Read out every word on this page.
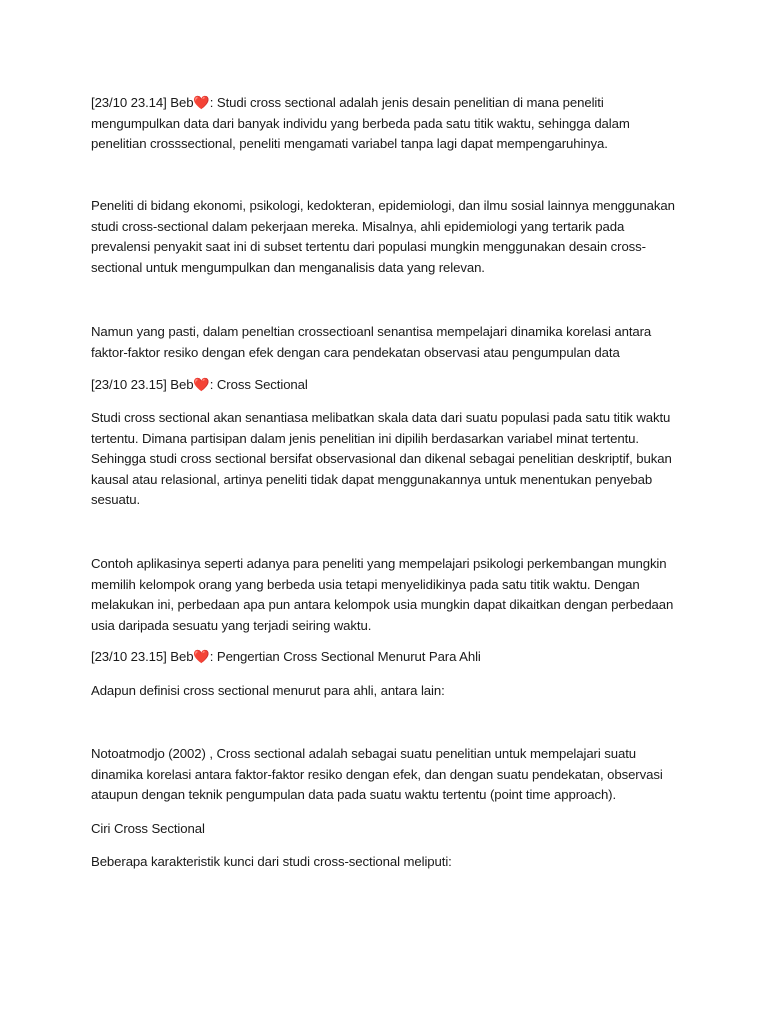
[23/10 23.14] Beb❤️: Studi cross sectional adalah jenis desain penelitian di mana peneliti mengumpulkan data dari banyak individu yang berbeda pada satu titik waktu, sehingga dalam penelitian crosssectional, peneliti mengamati variabel tanpa lagi dapat mempengaruhinya.

Peneliti di bidang ekonomi, psikologi, kedokteran, epidemiologi, dan ilmu sosial lainnya menggunakan studi cross-sectional dalam pekerjaan mereka. Misalnya, ahli epidemiologi yang tertarik pada prevalensi penyakit saat ini di subset tertentu dari populasi mungkin menggunakan desain cross-sectional untuk mengumpulkan dan menganalisis data yang relevan.

Namun yang pasti, dalam peneltian crossectioanl senantisa mempelajari dinamika korelasi antara faktor-faktor resiko dengan efek dengan cara pendekatan observasi atau pengumpulan data

[23/10 23.15] Beb❤️: Cross Sectional

Studi cross sectional akan senantiasa melibatkan skala data dari suatu populasi pada satu titik waktu tertentu. Dimana partisipan dalam jenis penelitian ini dipilih berdasarkan variabel minat tertentu. Sehingga studi cross sectional bersifat observasional dan dikenal sebagai penelitian deskriptif, bukan kausal atau relasional, artinya peneliti tidak dapat menggunakannya untuk menentukan penyebab sesuatu.

Contoh aplikasinya seperti adanya para peneliti yang mempelajari psikologi perkembangan mungkin memilih kelompok orang yang berbeda usia tetapi menyelidikinya pada satu titik waktu. Dengan melakukan ini, perbedaan apa pun antara kelompok usia mungkin dapat dikaitkan dengan perbedaan usia daripada sesuatu yang terjadi seiring waktu.

[23/10 23.15] Beb❤️: Pengertian Cross Sectional Menurut Para Ahli

Adapun definisi cross sectional menurut para ahli, antara lain:

Notoatmodjo (2002) , Cross sectional adalah sebagai suatu penelitian untuk mempelajari suatu dinamika korelasi antara faktor-faktor resiko dengan efek, dan dengan suatu pendekatan, observasi ataupun dengan teknik pengumpulan data pada suatu waktu tertentu (point time approach).

Ciri Cross Sectional

Beberapa karakteristik kunci dari studi cross-sectional meliputi:
